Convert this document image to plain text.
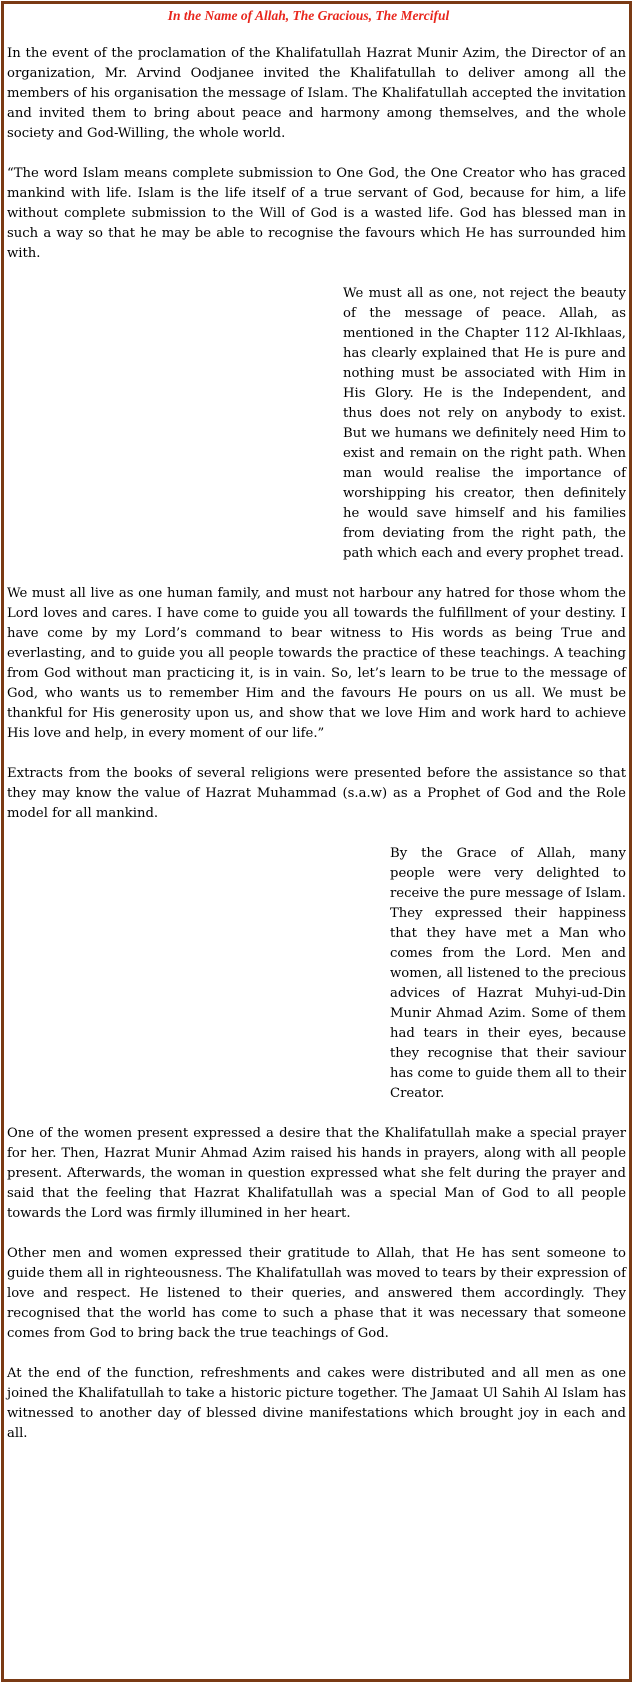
In the Name of Allah, The Gracious, The Merciful

In the event of the proclamation of the Khalifatullah Hazrat Munir Azim, the Director of an organization, Mr. Arvind Oodjanee invited the Khalifatullah to deliver among all the members of his organisation the message of Islam. The Khalifatullah accepted the invitation and invited them to bring about peace and harmony among themselves, and the whole society and God-Willing, the whole world.

“The word Islam means complete submission to One God, the One Creator who has graced mankind with life. Islam is the life itself of a true servant of God, because for him, a life without complete submission to the Will of God is a wasted life. God has blessed man in such a way so that he may be able to recognise the favours which He has surrounded him with.

We must all as one, not reject the beauty of the message of peace. Allah, as mentioned in the Chapter 112 Al-Ikhlaas, has clearly explained that He is pure and nothing must be associated with Him in His Glory. He is the Independent, and thus does not rely on anybody to exist. But we humans we definitely need Him to exist and remain on the right path. When man would realise the importance of worshipping his creator, then definitely he would save himself and his families from deviating from the right path, the path which each and every prophet tread.

We must all live as one human family, and must not harbour any hatred for those whom the Lord loves and cares. I have come to guide you all towards the fulfillment of your destiny. I have come by my Lord’s command to bear witness to His words as being True and everlasting, and to guide you all people towards the practice of these teachings. A teaching from God without man practicing it, is in vain. So, let’s learn to be true to the message of God, who wants us to remember Him and the favours He pours on us all. We must be thankful for His generosity upon us, and show that we love Him and work hard to achieve His love and help, in every moment of our life.”

Extracts from the books of several religions were presented before the assistance so that they may know the value of Hazrat Muhammad (s.a.w) as a Prophet of God and the Role model for all mankind.

By the Grace of Allah, many people were very delighted to receive the pure message of Islam. They expressed their happiness that they have met a Man who comes from the Lord. Men and women, all listened to the precious advices of Hazrat Muhyi-ud-Din Munir Ahmad Azim. Some of them had tears in their eyes, because they recognise that their saviour has come to guide them all to their Creator.

One of the women present expressed a desire that the Khalifatullah make a special prayer for her. Then, Hazrat Munir Ahmad Azim raised his hands in prayers, along with all people present. Afterwards, the woman in question expressed what she felt during the prayer and said that the feeling that Hazrat Khalifatullah was a special Man of God to all people towards the Lord was firmly illumined in her heart.

Other men and women expressed their gratitude to Allah, that He has sent someone to guide them all in righteousness. The Khalifatullah was moved to tears by their expression of love and respect. He listened to their queries, and answered them accordingly. They recognised that the world has come to such a phase that it was necessary that someone comes from God to bring back the true teachings of God.

At the end of the function, refreshments and cakes were distributed and all men as one joined the Khalifatullah to take a historic picture together. The Jamaat Ul Sahih Al Islam has witnessed to another day of blessed divine manifestations which brought joy in each and all.
